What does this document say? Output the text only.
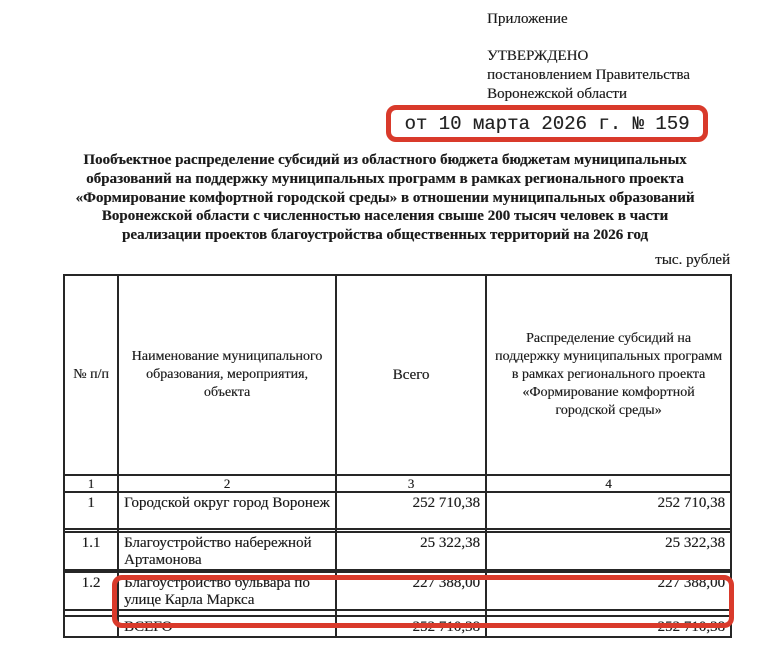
Приложение
УТВЕРЖДЕНО
постановлением Правительства
Воронежской области
от 10 марта 2026 г. № 159
Пообъектное распределение субсидий из областного бюджета бюджетам муниципальных образований на поддержку муниципальных программ в рамках регионального проекта «Формирование комфортной городской среды» в отношении муниципальных образований Воронежской области с численностью населения свыше 200 тысяч человек в части реализации проектов благоустройства общественных территорий на 2026 год
тыс. рублей
№ п/п	Наименование муниципального образования, мероприятия, объекта	Всего	Распределение субсидий на поддержку муниципальных программ в рамках регионального проекта «Формирование комфортной городской среды»
1	2	3	4
1	Городской округ город Воронеж	252 710,38	252 710,38

1.1	Благоустройство набережной Артамонова	25 322,38	25 322,38

1.2	Благоустройство бульвара по улице Карла Маркса	227 388,00	227 388,00

	ВСЕГО	252 710,38	252 710,38
